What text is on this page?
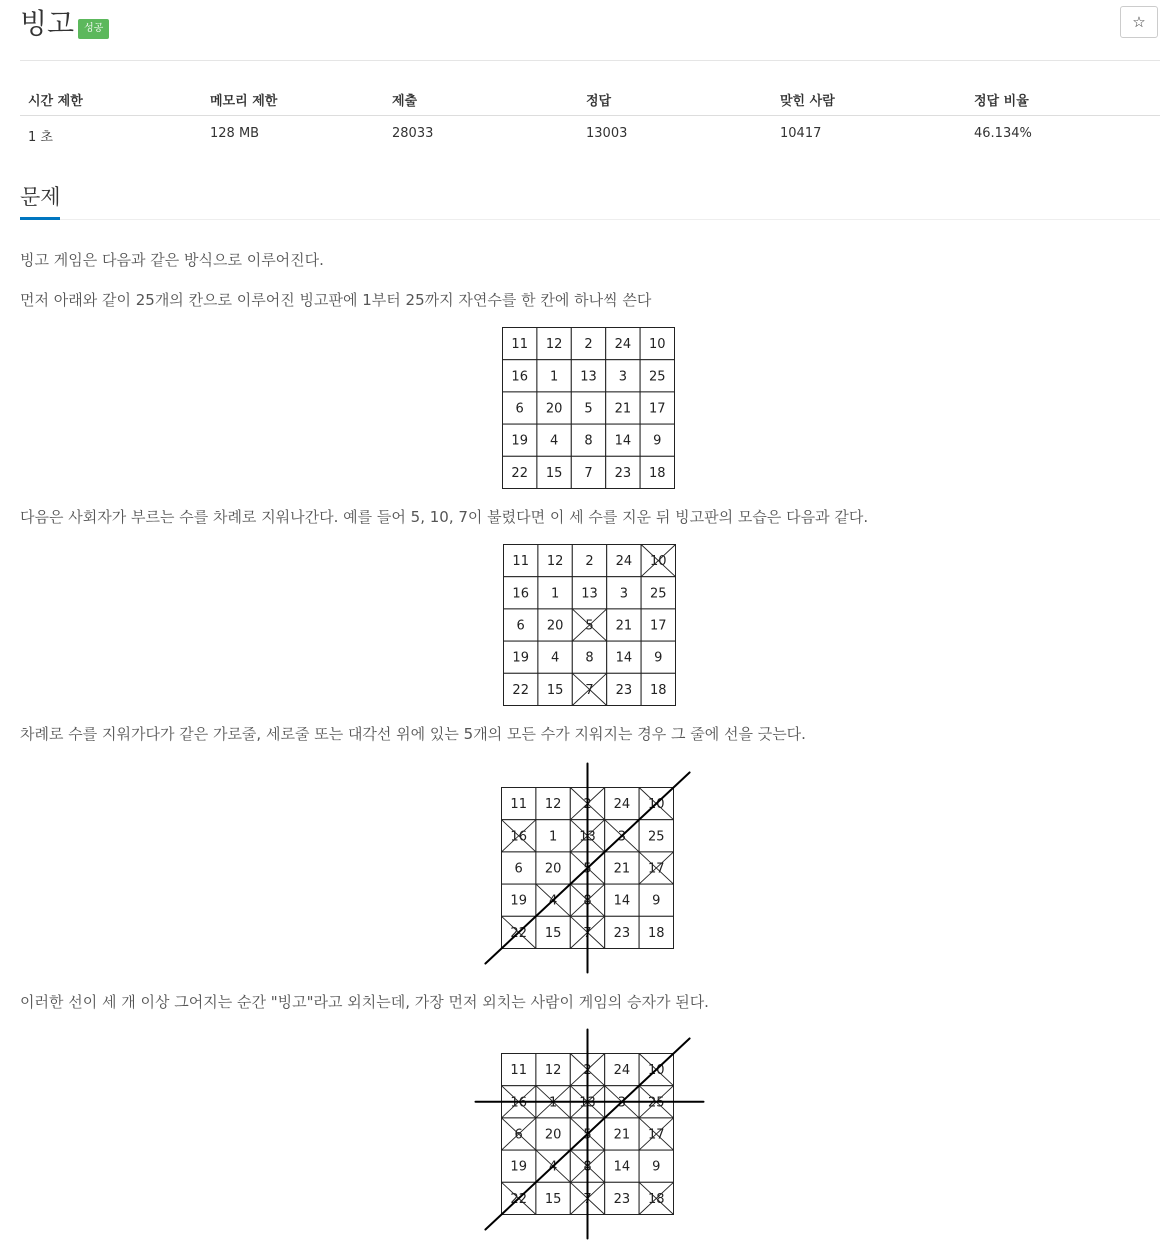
빙고 성공	☆
시간 제한	메모리 제한	제출	정답	맞힌 사람	정답 비율
1 초	128 MB	28033	13003	10417	46.134%
문제
빙고 게임은 다음과 같은 방식으로 이루어진다.
먼저 아래와 같이 25개의 칸으로 이루어진 빙고판에 1부터 25까지 자연수를 한 칸에 하나씩 쓴다
11 12 2 24 10
16 1 13 3 25
6 20 5 21 17
19 4 8 14 9
22 15 7 23 18
다음은 사회자가 부르는 수를 차례로 지워나간다. 예를 들어 5, 10, 7이 불렸다면 이 세 수를 지운 뒤 빙고판의 모습은 다음과 같다.
11 12 2 24 10
16 1 13 3 25
6 20 5 21 17
19 4 8 14 9
22 15 7 23 18
차례로 수를 지워가다가 같은 가로줄, 세로줄 또는 대각선 위에 있는 5개의 모든 수가 지워지는 경우 그 줄에 선을 긋는다.
11 12 2 24 10
16 1 13 3 25
6 20 5 21 17
19 4 8 14 9
22 15 7 23 18
이러한 선이 세 개 이상 그어지는 순간 "빙고"라고 외치는데, 가장 먼저 외치는 사람이 게임의 승자가 된다.
11 12 2 24 10
16 1 13 3 25
6 20 5 21 17
19 4 8 14 9
22 15 7 23 18
